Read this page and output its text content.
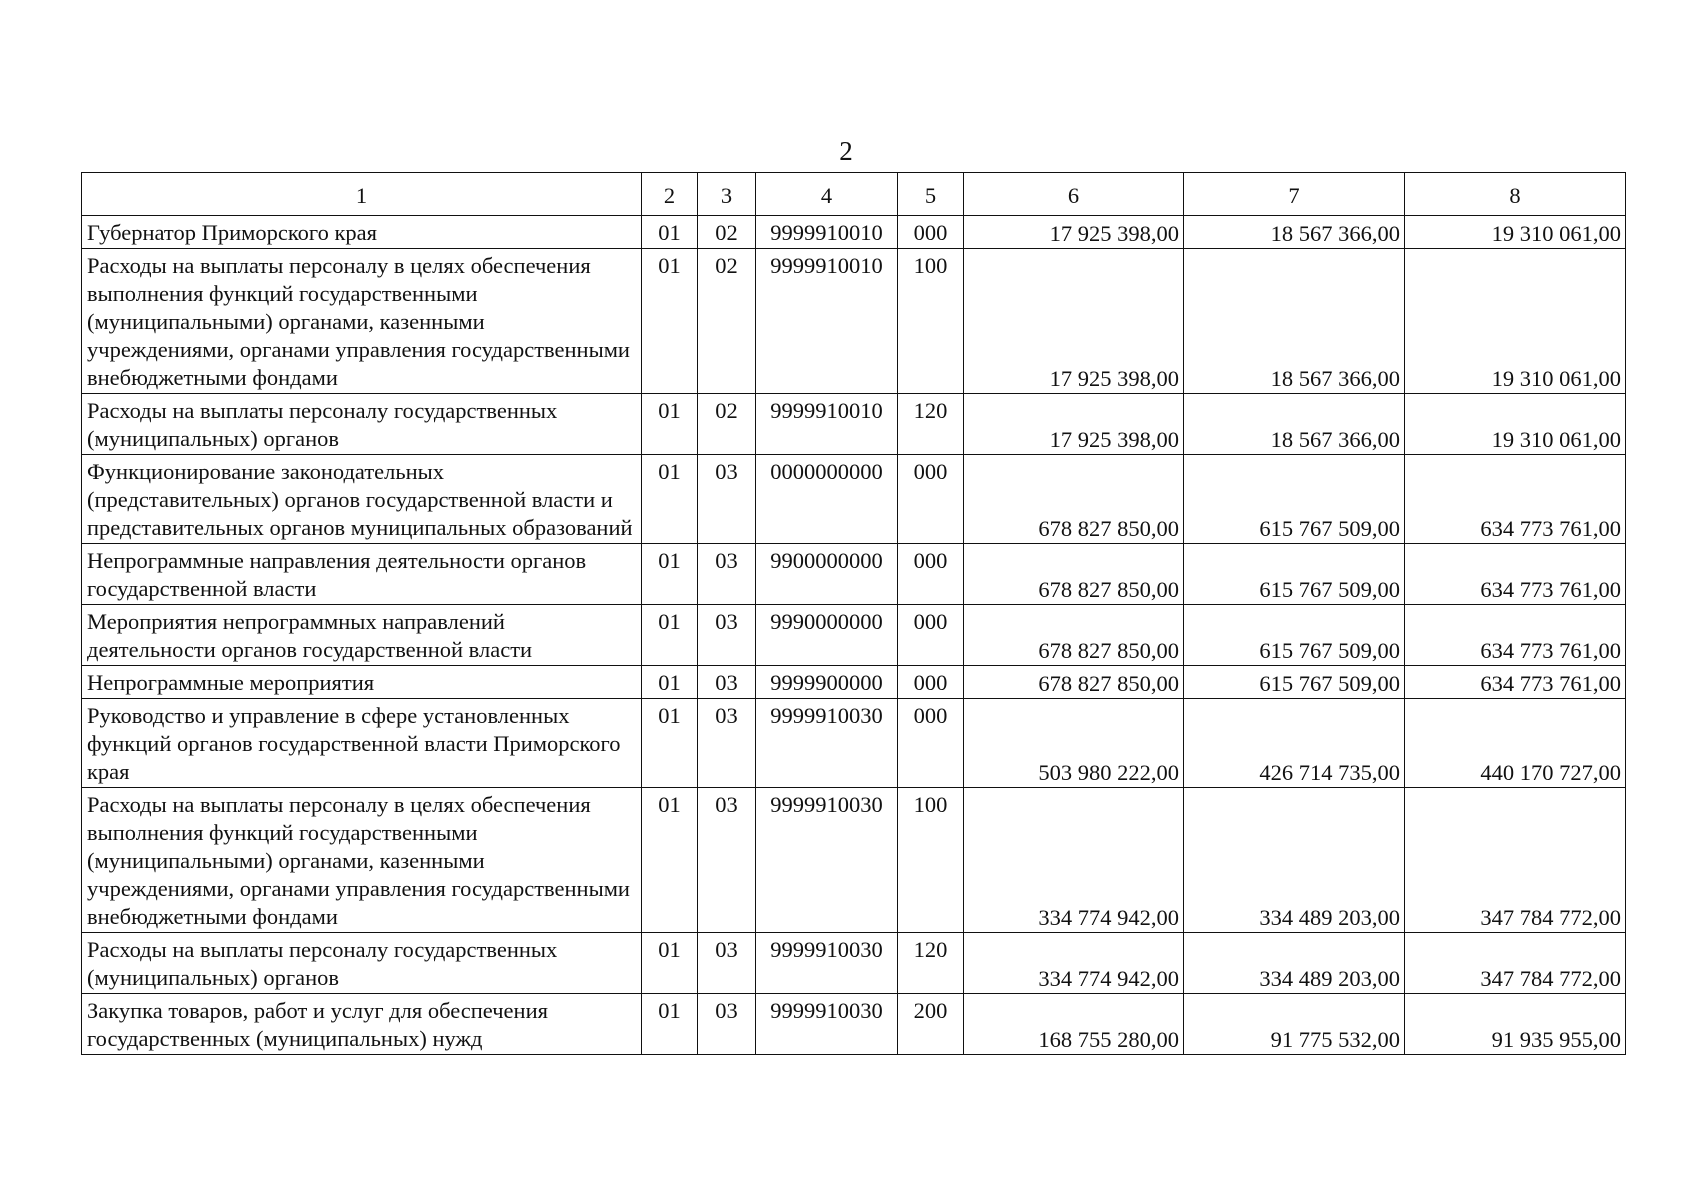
2
1	2	3	4	5	6	7	8
Губернатор Приморского края	01	02	9999910010	000	17 925 398,00	18 567 366,00	19 310 061,00
Расходы на выплаты персоналу в целях обеспечения выполнения функций государственными (муниципальными) органами, казенными учреждениями, органами управления государственными внебюджетными фондами	01	02	9999910010	100	17 925 398,00	18 567 366,00	19 310 061,00
Расходы на выплаты персоналу государственных (муниципальных) органов	01	02	9999910010	120	17 925 398,00	18 567 366,00	19 310 061,00
Функционирование законодательных (представительных) органов государственной власти и представительных органов муниципальных образований	01	03	0000000000	000	678 827 850,00	615 767 509,00	634 773 761,00
Непрограммные направления деятельности органов государственной власти	01	03	9900000000	000	678 827 850,00	615 767 509,00	634 773 761,00
Мероприятия непрограммных направлений деятельности органов государственной власти	01	03	9990000000	000	678 827 850,00	615 767 509,00	634 773 761,00
Непрограммные мероприятия	01	03	9999900000	000	678 827 850,00	615 767 509,00	634 773 761,00
Руководство и управление в сфере установленных функций органов государственной власти Приморского края	01	03	9999910030	000	503 980 222,00	426 714 735,00	440 170 727,00
Расходы на выплаты персоналу в целях обеспечения выполнения функций государственными (муниципальными) органами, казенными учреждениями, органами управления государственными внебюджетными фондами	01	03	9999910030	100	334 774 942,00	334 489 203,00	347 784 772,00
Расходы на выплаты персоналу государственных (муниципальных) органов	01	03	9999910030	120	334 774 942,00	334 489 203,00	347 784 772,00
Закупка товаров, работ и услуг для обеспечения государственных (муниципальных) нужд	01	03	9999910030	200	168 755 280,00	91 775 532,00	91 935 955,00
